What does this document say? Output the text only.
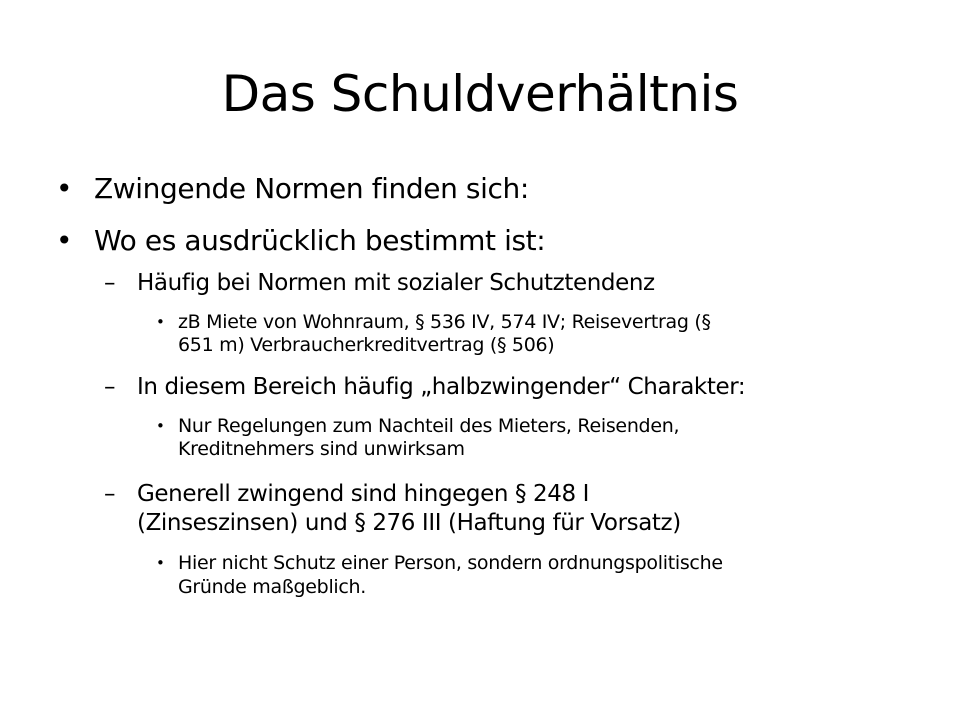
Das Schuldverhältnis
• Zwingende Normen finden sich:
• Wo es ausdrücklich bestimmt ist:
– Häufig bei Normen mit sozialer Schutztendenz
• zB Miete von Wohnraum, § 536 IV, 574 IV; Reisevertrag (§
651 m) Verbraucherkreditvertrag (§ 506)
– In diesem Bereich häufig „halbzwingender“ Charakter:
• Nur Regelungen zum Nachteil des Mieters, Reisenden,
Kreditnehmers sind unwirksam
– Generell zwingend sind hingegen § 248 I
(Zinseszinsen) und § 276 III (Haftung für Vorsatz)
• Hier nicht Schutz einer Person, sondern ordnungspolitische
Gründe maßgeblich.
